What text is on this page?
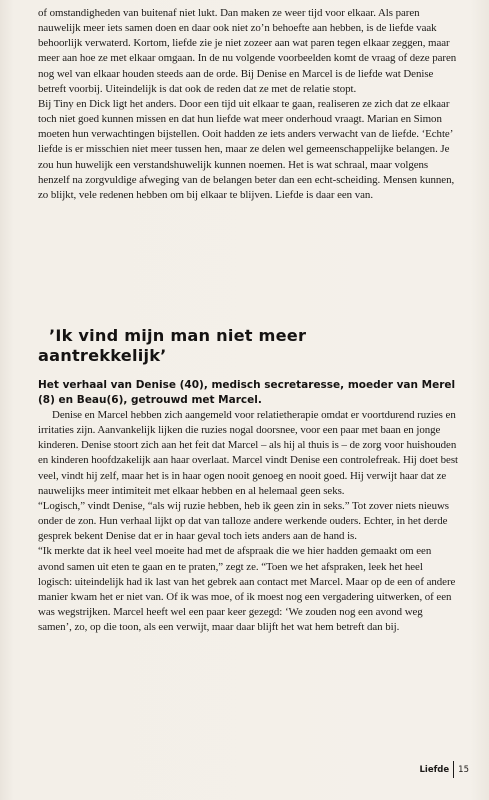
of omstandigheden van buitenaf niet lukt. Dan maken ze weer tijd voor elkaar. Als paren nauwelijk meer iets samen doen en daar ook niet zo’n behoefte aan hebben, is de liefde vaak behoorlijk verwaterd. Kortom, liefde zie je niet zozeer aan wat paren tegen elkaar zeggen, maar meer aan hoe ze met elkaar omgaan. In de nu volgende voorbeelden komt de vraag of deze paren nog wel van elkaar houden steeds aan de orde. Bij Denise en Marcel is de liefde wat Denise betreft voorbij. Uiteindelijk is dat ook de reden dat ze met de relatie stopt.

Bij Tiny en Dick ligt het anders. Door een tijd uit elkaar te gaan, realiseren ze zich dat ze elkaar toch niet goed kunnen missen en dat hun liefde wat meer onderhoud vraagt. Marian en Simon moeten hun verwachtingen bijstellen. Ooit hadden ze iets anders verwacht van de liefde. ‘Echte’ liefde is er misschien niet meer tussen hen, maar ze delen wel gemeenschappelijke belangen. Je zou hun huwelijk een verstandshuwelijk kunnen noemen. Het is wat schraal, maar volgens henzelf na zorgvuldige afweging van de belangen beter dan een echt-scheiding. Mensen kunnen, zo blijkt, vele redenen hebben om bij elkaar te blijven. Liefde is daar een van.

’Ik vind mijn man niet meer
aantrekkelijk’
Het verhaal van Denise (40), medisch secretaresse, moeder van Merel (8) en Beau(6), getrouwd met Marcel.

Denise en Marcel hebben zich aangemeld voor relatietherapie omdat er voortdurend ruzies en irritaties zijn. Aanvankelijk lijken die ruzies nogal doorsnee, voor een paar met baan en jonge kinderen. Denise stoort zich aan het feit dat Marcel – als hij al thuis is – de zorg voor huishouden en kinderen hoofdzakelijk aan haar overlaat. Marcel vindt Denise een controlefreak. Hij doet best veel, vindt hij zelf, maar het is in haar ogen nooit genoeg en nooit goed. Hij verwijt haar dat ze nauwelijks meer intimiteit met elkaar hebben en al helemaal geen seks.

“Logisch,” vindt Denise, “als wij ruzie hebben, heb ik geen zin in seks.” Tot zover niets nieuws onder de zon. Hun verhaal lijkt op dat van talloze andere werkende ouders. Echter, in het derde gesprek bekent Denise dat er in haar geval toch iets anders aan de hand is.

“Ik merkte dat ik heel veel moeite had met de afspraak die we hier hadden gemaakt om een avond samen uit eten te gaan en te praten,” zegt ze. “Toen we het afspraken, leek het heel logisch: uiteindelijk had ik last van het gebrek aan contact met Marcel. Maar op de een of andere manier kwam het er niet van. Of ik was moe, of ik moest nog een vergadering uitwerken, of een was wegstrijken. Marcel heeft wel een paar keer gezegd: ‘We zouden nog een avond weg samen’, zo, op die toon, als een verwijt, maar daar blijft het wat hem betreft dan bij.

Liefde 15
